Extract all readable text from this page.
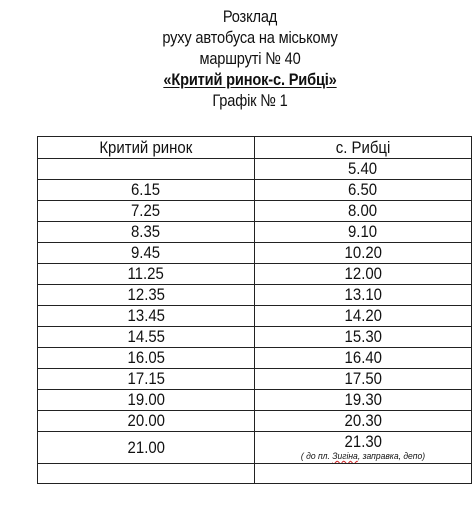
Розклад
руху автобуса на міському
маршруті № 40
«Критий ринок-с. Рибці»
Графік № 1
Критий ринок	с. Рибці
	5.40
6.15	6.50
7.25	8.00
8.35	9.10
9.45	10.20
11.25	12.00
12.35	13.10
13.45	14.20
14.55	15.30
16.05	16.40
17.15	17.50
19.00	19.30
20.00	20.30
21.00	21.30
( до пл. Зигіна, заправка, депо)
